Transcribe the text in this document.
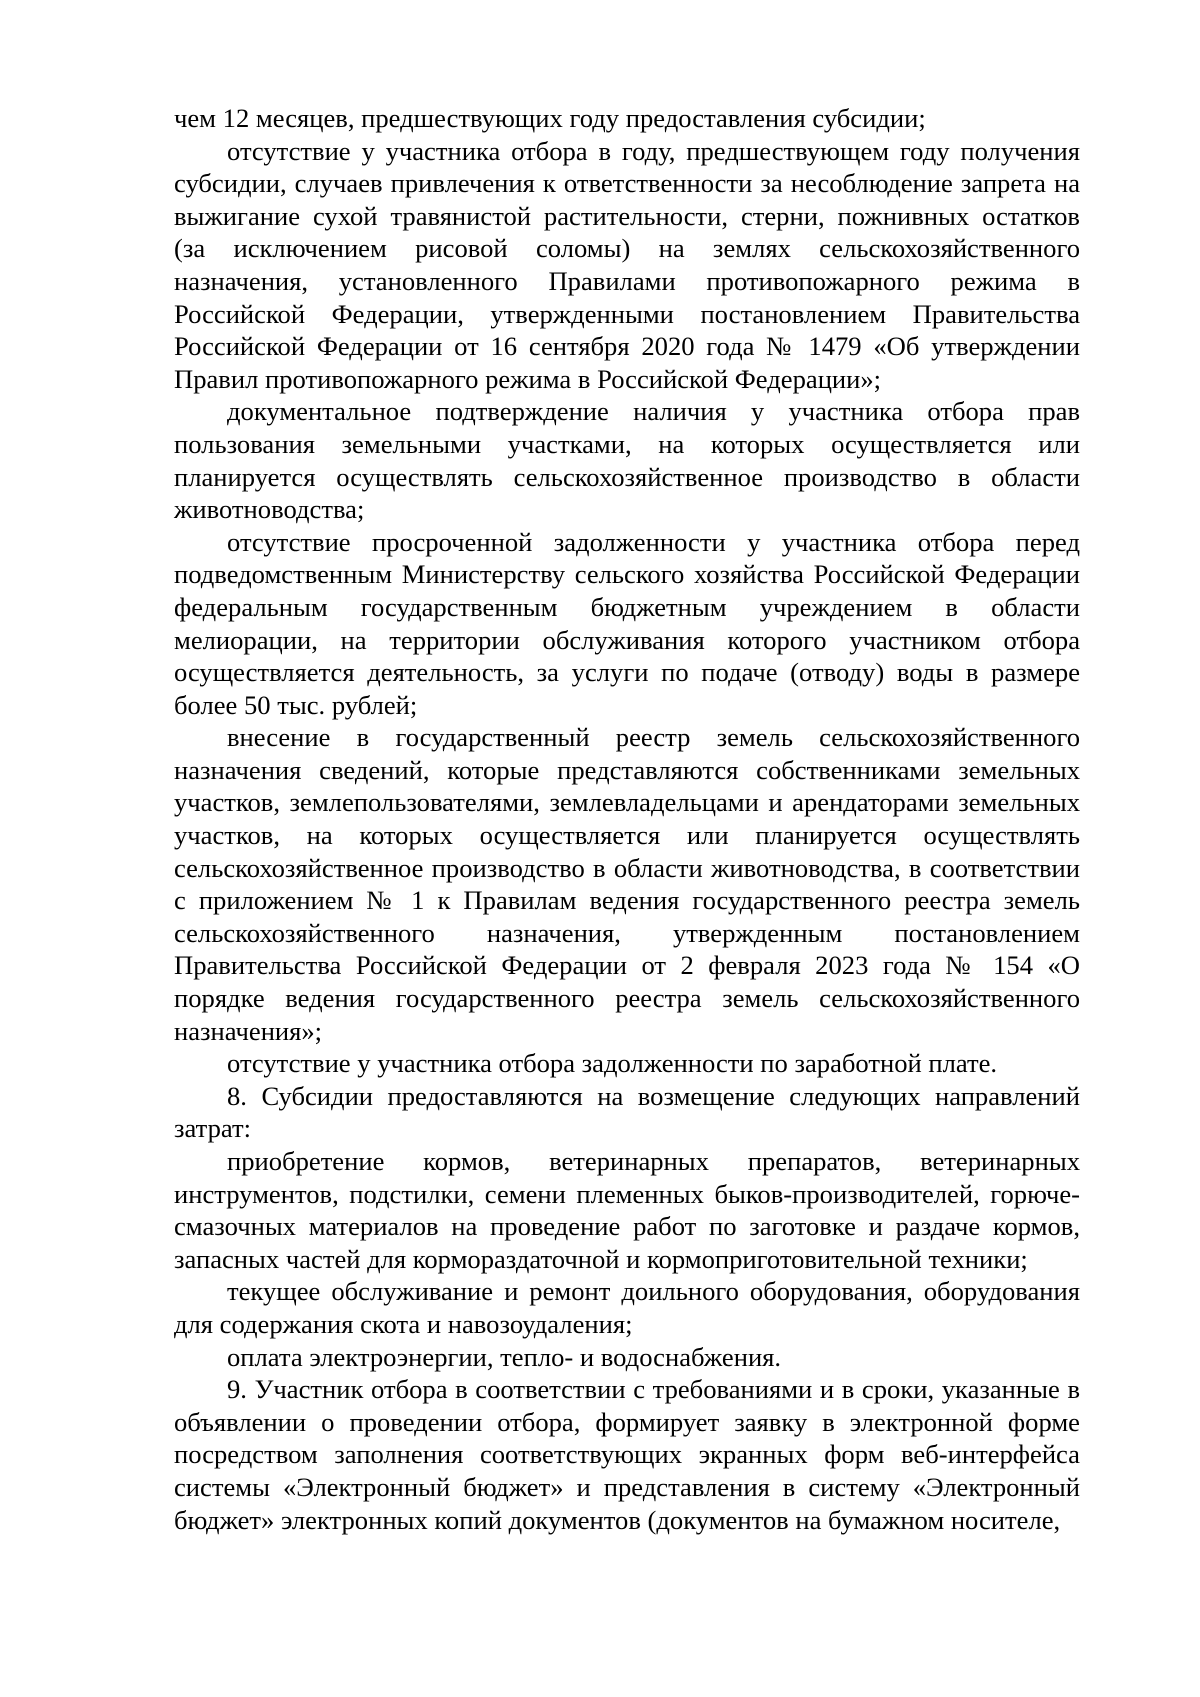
чем 12 месяцев, предшествующих году предоставления субсидии;

отсутствие у участника отбора в году, предшествующем году получения субсидии, случаев привлечения к ответственности за несоблюдение запрета на выжигание сухой травянистой растительности, стерни, пожнивных остатков (за исключением рисовой соломы) на землях сельскохозяйственного назначения, установленного Правилами противопожарного режима в Российской Федерации, утвержденными постановлением Правительства Российской Федерации от 16 сентября 2020 года № 1479 «Об утверждении Правил противопожарного режима в Российской Федерации»;

документальное подтверждение наличия у участника отбора прав пользования земельными участками, на которых осуществляется или планируется осуществлять сельскохозяйственное производство в области животноводства;

отсутствие просроченной задолженности у участника отбора перед подведомственным Министерству сельского хозяйства Российской Федерации федеральным государственным бюджетным учреждением в области мелиорации, на территории обслуживания которого участником отбора осуществляется деятельность, за услуги по подаче (отводу) воды в размере более 50 тыс. рублей;

внесение в государственный реестр земель сельскохозяйственного назначения сведений, которые представляются собственниками земельных участков, землепользователями, землевладельцами и арендаторами земельных участков, на которых осуществляется или планируется осуществлять сельскохозяйственное производство в области животноводства, в соответствии с приложением № 1 к Правилам ведения государственного реестра земель сельскохозяйственного назначения, утвержденным постановлением Правительства Российской Федерации от 2 февраля 2023 года № 154 «О порядке ведения государственного реестра земель сельскохозяйственного назначения»;

отсутствие у участника отбора задолженности по заработной плате.

8. Субсидии предоставляются на возмещение следующих направлений затрат:

приобретение кормов, ветеринарных препаратов, ветеринарных инструментов, подстилки, семени племенных быков-производителей, горюче-смазочных материалов на проведение работ по заготовке и раздаче кормов, запасных частей для кормораздаточной и кормоприготовительной техники;

текущее обслуживание и ремонт доильного оборудования, оборудования для содержания скота и навозоудаления;

оплата электроэнергии, тепло- и водоснабжения.

9. Участник отбора в соответствии с требованиями и в сроки, указанные в объявлении о проведении отбора, формирует заявку в электронной форме посредством заполнения соответствующих экранных форм веб-интерфейса системы «Электронный бюджет» и представления в систему «Электронный бюджет» электронных копий документов (документов на бумажном носителе,
